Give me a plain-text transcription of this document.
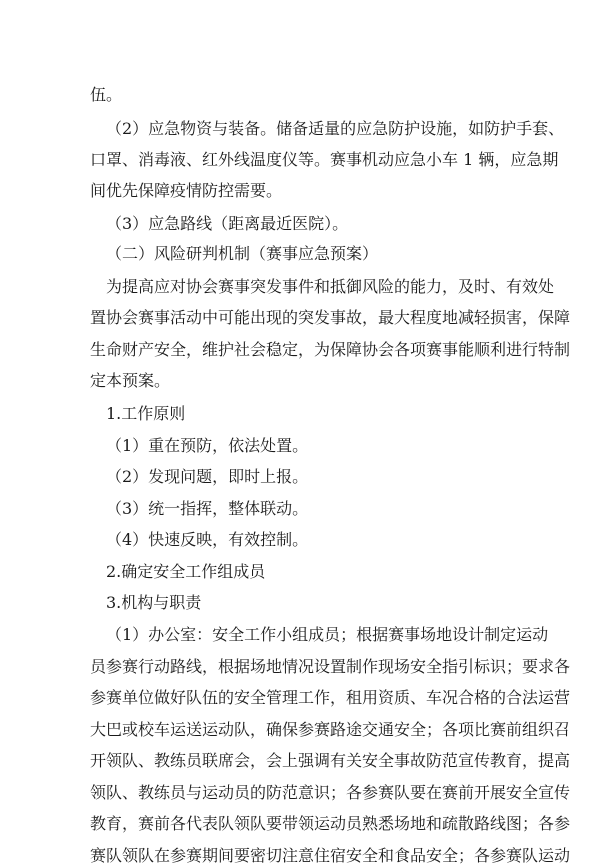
伍。
（2）应急物资与装备。储备适量的应急防护设施，如防护手套、
口罩、消毒液、红外线温度仪等。赛事机动应急小车 1 辆，应急期
间优先保障疫情防控需要。
（3）应急路线（距离最近医院）。
（二）风险研判机制（赛事应急预案）
为提高应对协会赛事突发事件和抵御风险的能力，及时、有效处
置协会赛事活动中可能出现的突发事故，最大程度地减轻损害，保障
生命财产安全，维护社会稳定，为保障协会各项赛事能顺利进行特制
定本预案。
1.工作原则
（1）重在预防，依法处置。
（2）发现问题，即时上报。
（3）统一指挥，整体联动。
（4）快速反映，有效控制。
2.确定安全工作组成员
3.机构与职责
（1）办公室：安全工作小组成员；根据赛事场地设计制定运动
员参赛行动路线，根据场地情况设置制作现场安全指引标识；要求各
参赛单位做好队伍的安全管理工作，租用资质、车况合格的合法运营
大巴或校车运送运动队，确保参赛路途交通安全；各项比赛前组织召
开领队、教练员联席会，会上强调有关安全事故防范宣传教育，提高
领队、教练员与运动员的防范意识；各参赛队要在赛前开展安全宣传
教育，赛前各代表队领队要带领运动员熟悉场地和疏散路线图；各参
赛队领队在参赛期间要密切注意住宿安全和食品安全；各参赛队运动
